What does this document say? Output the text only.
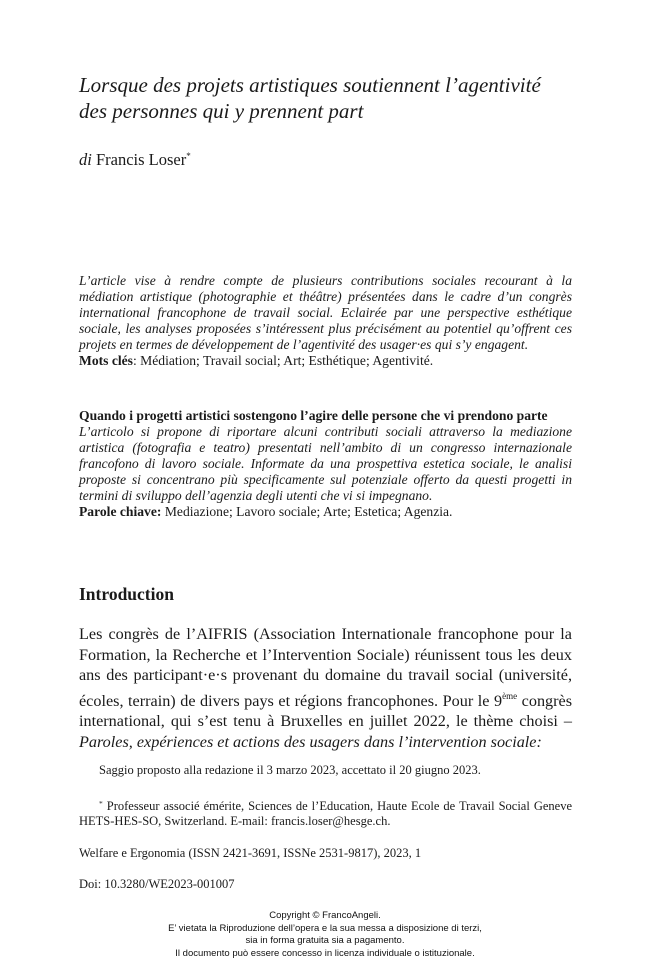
Lorsque des projets artistiques soutiennent l’agentivité des personnes qui y prennent part
di Francis Loser*

L’article vise à rendre compte de plusieurs contributions sociales recourant à la médiation artistique (photographie et théâtre) présentées dans le cadre d’un congrès international francophone de travail social. Eclairée par une perspective esthétique sociale, les analyses proposées s’intéressent plus précisément au potentiel qu’offrent ces projets en termes de développement de l’agentivité des usager·es qui s’y engagent.

Mots clés: Médiation; Travail social; Art; Esthétique; Agentivité.

Quando i progetti artistici sostengono l’agire delle persone che vi prendono parte

L’articolo si propone di riportare alcuni contributi sociali attraverso la mediazione artistica (fotografia e teatro) presentati nell’ambito di un congresso internazionale francofono di lavoro sociale. Informate da una prospettiva estetica sociale, le analisi proposte si concentrano più specificamente sul potenziale offerto da questi progetti in termini di sviluppo dell’agenzia degli utenti che vi si impegnano.

Parole chiave: Mediazione; Lavoro sociale; Arte; Estetica; Agenzia.

Introduction

Les congrès de l’AIFRIS (Association Internationale francophone pour la Formation, la Recherche et l’Intervention Sociale) réunissent tous les deux ans des participant·e·s provenant du domaine du travail social (université, écoles, terrain) de divers pays et régions francophones. Pour le 9ème congrès international, qui s’est tenu à Bruxelles en juillet 2022, le thème choisi – Paroles, expériences et actions des usagers dans l’intervention sociale:

Saggio proposto alla redazione il 3 marzo 2023, accettato il 20 giugno 2023.

* Professeur associé émérite, Sciences de l’Education, Haute Ecole de Travail Social Geneve HETS-HES-SO, Switzerland. E-mail: francis.loser@hesge.ch.

Welfare e Ergonomia (ISSN 2421-3691, ISSNe 2531-9817), 2023, 1

Doi: 10.3280/WE2023-001007

Copyright © FrancoAngeli.
E’ vietata la Riproduzione dell’opera e la sua messa a disposizione di terzi,
sia in forma gratuita sia a pagamento.
Il documento può essere concesso in licenza individuale o istituzionale.
